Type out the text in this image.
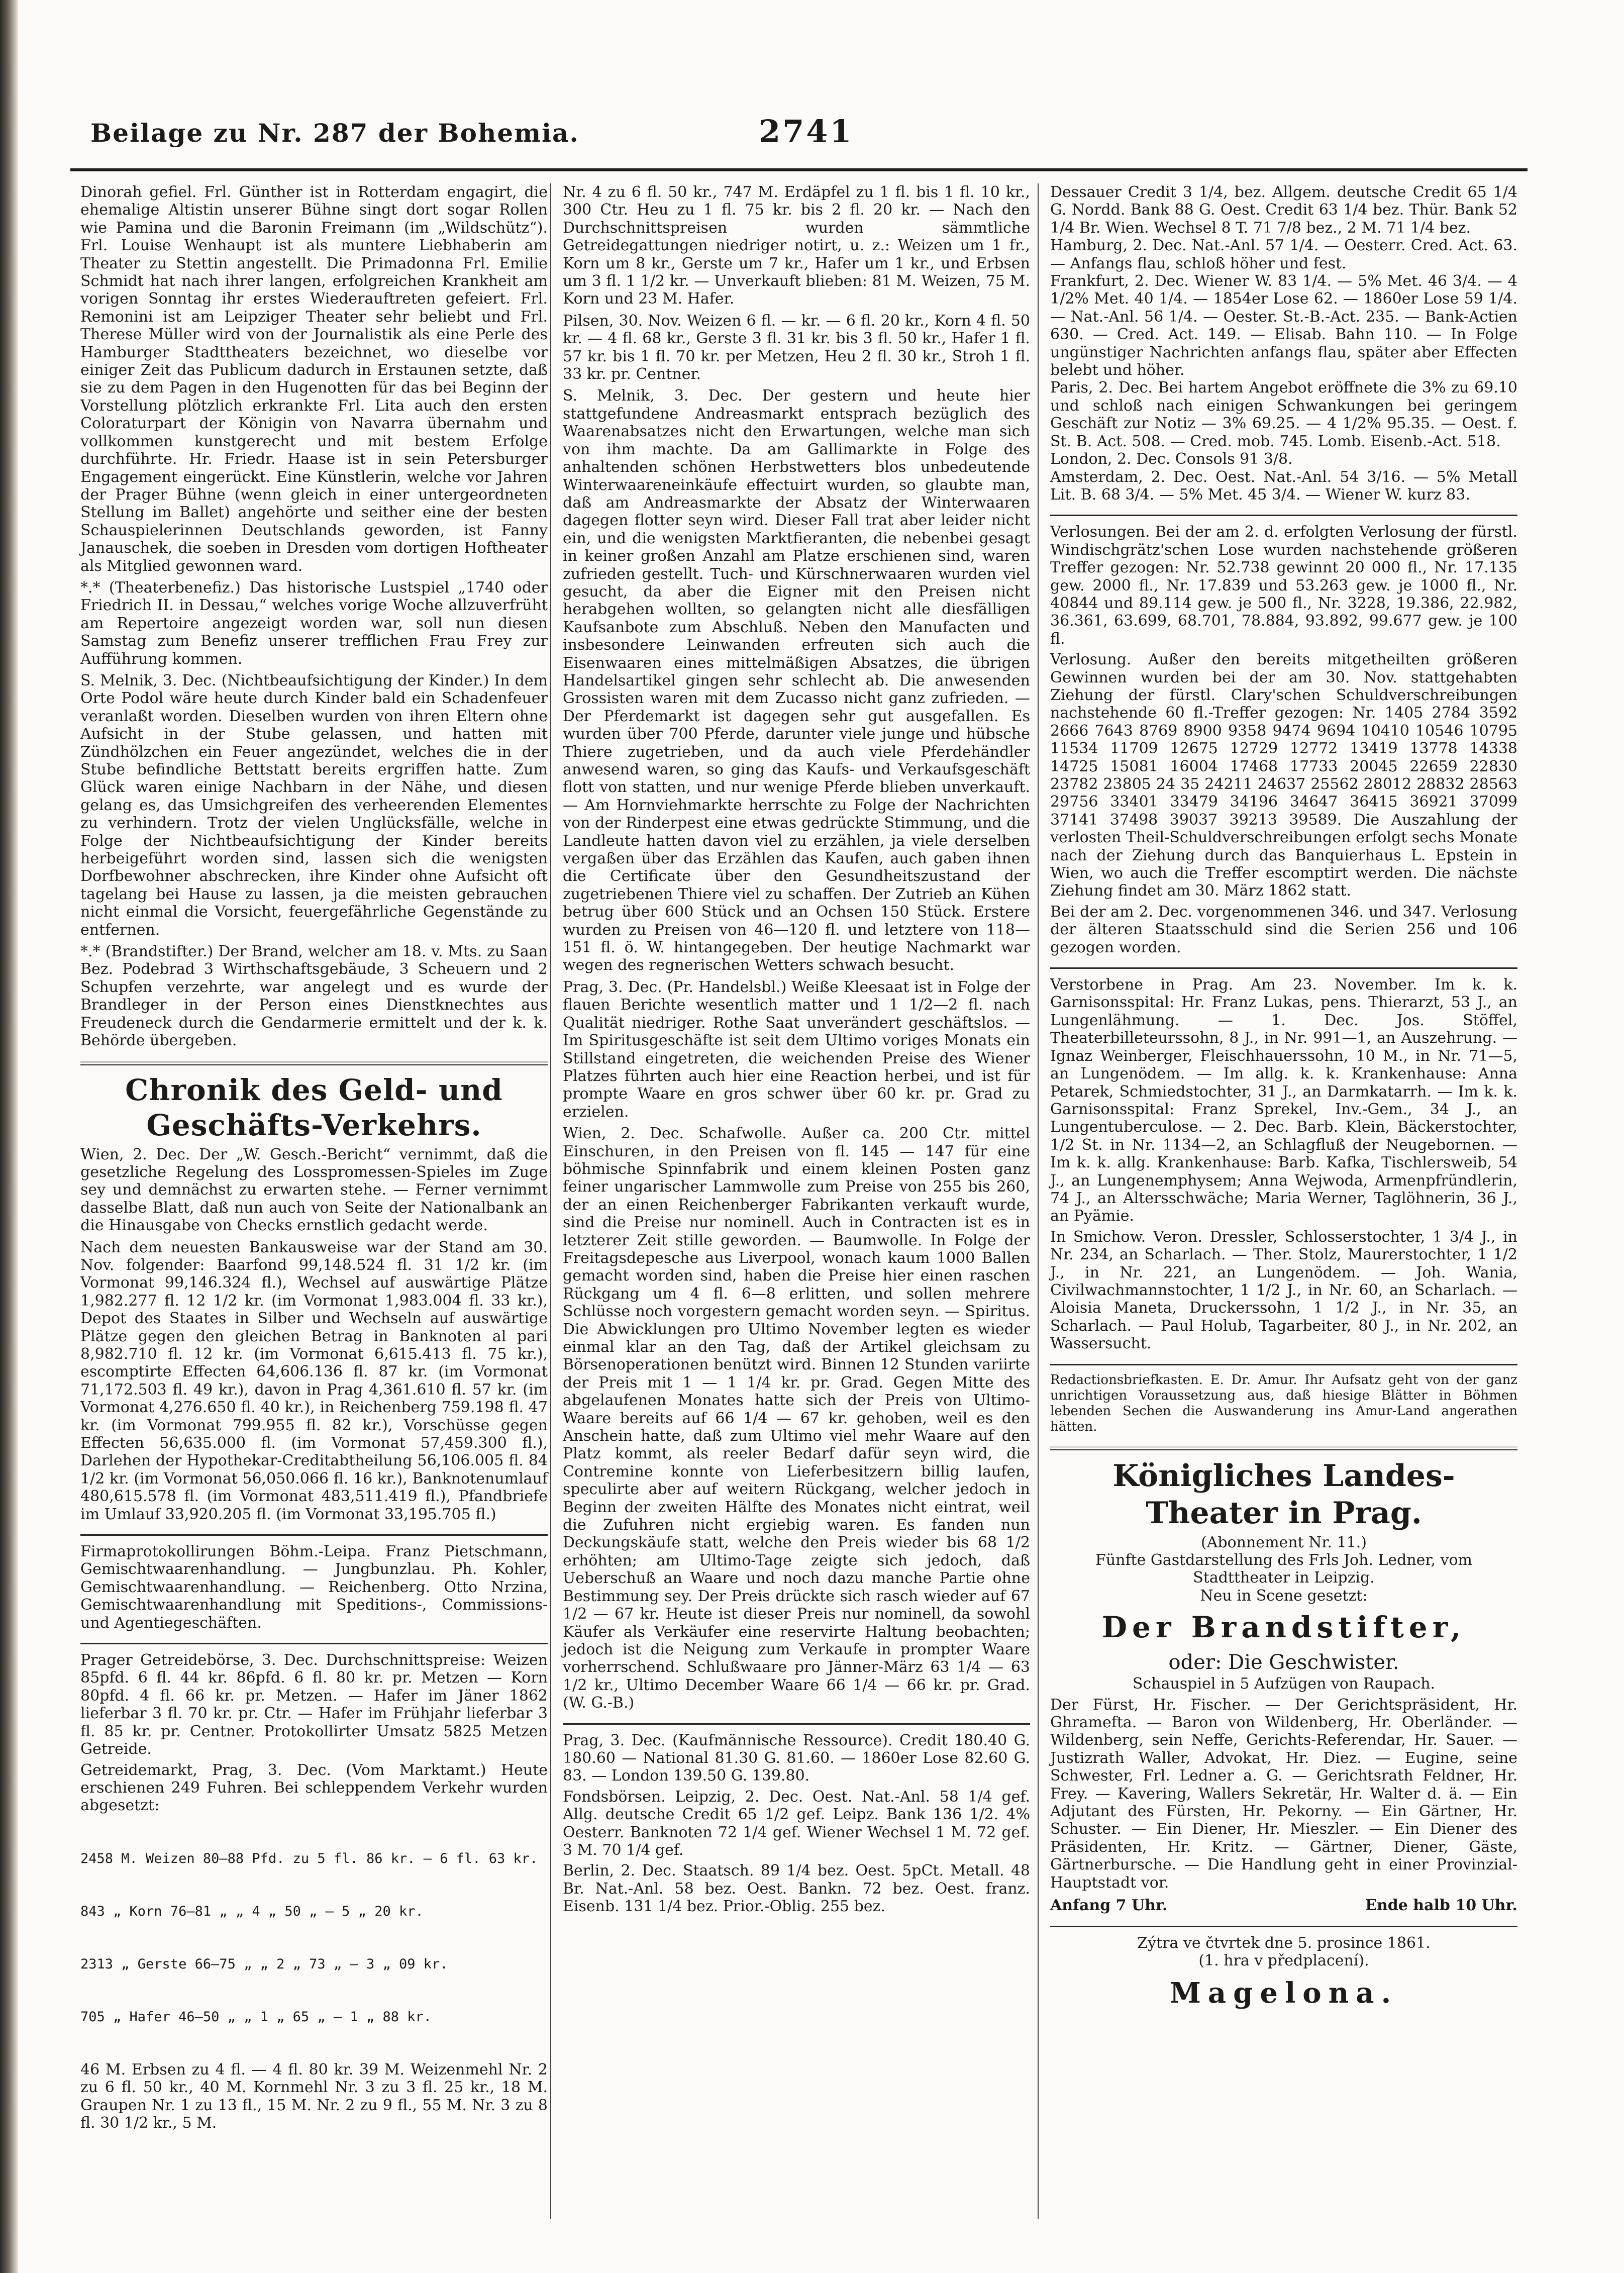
Beilage zu Nr. 287 der Bohemia.	2741

Dinorah gefiel. Frl. Günther ist in Rotterdam engagirt, die ehemalige Altistin unserer Bühne singt dort sogar Rollen wie Pamina und die Baronin Freimann (im „Wildschütz“). Frl. Louise Wenhaupt ist als muntere Liebhaberin am Theater zu Stettin angestellt. Die Primadonna Frl. Emilie Schmidt hat nach ihrer langen, erfolgreichen Krankheit am vorigen Sonntag ihr erstes Wiederauftreten gefeiert. Frl. Remonini ist am Leipziger Theater sehr beliebt und Frl. Therese Müller wird von der Journalistik als eine Perle des Hamburger Stadttheaters bezeichnet, wo dieselbe vor einiger Zeit das Publicum dadurch in Erstaunen setzte, daß sie zu dem Pagen in den Hugenotten für das bei Beginn der Vorstellung plötzlich erkrankte Frl. Lita auch den ersten Coloraturpart der Königin von Navarra übernahm und vollkommen kunstgerecht und mit bestem Erfolge durchführte. Hr. Friedr. Haase ist in sein Petersburger Engagement eingerückt. Eine Künstlerin, welche vor Jahren der Prager Bühne (wenn gleich in einer untergeordneten Stellung im Ballet) angehörte und seither eine der besten Schauspielerinnen Deutschlands geworden, ist Fanny Janauschek, die soeben in Dresden vom dortigen Hoftheater als Mitglied gewonnen ward.

*.* (Theaterbenefiz.) Das historische Lustspiel „1740 oder Friedrich II. in Dessau,“ welches vorige Woche allzuverfrüht am Repertoire angezeigt worden war, soll nun diesen Samstag zum Benefiz unserer trefflichen Frau Frey zur Aufführung kommen.

S. Melnik, 3. Dec. (Nichtbeaufsichtigung der Kinder.) In dem Orte Podol wäre heute durch Kinder bald ein Schadenfeuer veranlaßt worden. Dieselben wurden von ihren Eltern ohne Aufsicht in der Stube gelassen, und hatten mit Zündhölzchen ein Feuer angezündet, welches die in der Stube befindliche Bettstatt bereits ergriffen hatte. Zum Glück waren einige Nachbarn in der Nähe, und diesen gelang es, das Umsichgreifen des verheerenden Elementes zu verhindern. Trotz der vielen Unglücksfälle, welche in Folge der Nichtbeaufsichtigung der Kinder bereits herbeigeführt worden sind, lassen sich die wenigsten Dorfbewohner abschrecken, ihre Kinder ohne Aufsicht oft tagelang bei Hause zu lassen, ja die meisten gebrauchen nicht einmal die Vorsicht, feuergefährliche Gegenstände zu entfernen.

*.* (Brandstifter.) Der Brand, welcher am 18. v. Mts. zu Saan Bez. Podebrad 3 Wirthschaftsgebäude, 3 Scheuern und 2 Schupfen verzehrte, war angelegt und es wurde der Brandleger in der Person eines Dienstknechtes aus Freudeneck durch die Gendarmerie ermittelt und der k. k. Behörde übergeben.

Chronik des Geld- und Geschäfts-Verkehrs.

Wien, 2. Dec. Der „W. Gesch.-Bericht“ vernimmt, daß die gesetzliche Regelung des Losspromessen-Spieles im Zuge sey und demnächst zu erwarten stehe. — Ferner vernimmt dasselbe Blatt, daß nun auch von Seite der Nationalbank an die Hinausgabe von Checks ernstlich gedacht werde.

Nach dem neuesten Bankausweise war der Stand am 30. Nov. folgender: Baarfond 99,148.524 fl. 31 1/2 kr. (im Vormonat 99,146.324 fl.), Wechsel auf auswärtige Plätze 1,982.277 fl. 12 1/2 kr. (im Vormonat 1,983.004 fl. 33 kr.), Depot des Staates in Silber und Wechseln auf auswärtige Plätze gegen den gleichen Betrag in Banknoten al pari 8,982.710 fl. 12 kr. (im Vormonat 6,615.413 fl. 75 kr.), escomptirte Effecten 64,606.136 fl. 87 kr. (im Vormonat 71,172.503 fl. 49 kr.), davon in Prag 4,361.610 fl. 57 kr. (im Vormonat 4,276.650 fl. 40 kr.), in Reichenberg 759.198 fl. 47 kr. (im Vormonat 799.955 fl. 82 kr.), Vorschüsse gegen Effecten 56,635.000 fl. (im Vormonat 57,459.300 fl.), Darlehen der Hypothekar-Creditabtheilung 56,106.005 fl. 84 1/2 kr. (im Vormonat 56,050.066 fl. 16 kr.), Banknotenumlauf 480,615.578 fl. (im Vormonat 483,511.419 fl.), Pfandbriefe im Umlauf 33,920.205 fl. (im Vormonat 33,195.705 fl.)

Firmaprotokollirungen Böhm.-Leipa. Franz Pietschmann, Gemischtwaarenhandlung. — Jungbunzlau. Ph. Kohler, Gemischtwaarenhandlung. — Reichenberg. Otto Nrzina, Gemischtwaarenhandlung mit Speditions-, Commissions- und Agentiegeschäften.

Prager Getreidebörse, 3. Dec. Durchschnittspreise: Weizen 85pfd. 6 fl. 44 kr. 86pfd. 6 fl. 80 kr. pr. Metzen — Korn 80pfd. 4 fl. 66 kr. pr. Metzen. — Hafer im Jäner 1862 lieferbar 3 fl. 70 kr. pr. Ctr. — Hafer im Frühjahr lieferbar 3 fl. 85 kr. pr. Centner. Protokollirter Umsatz 5825 Metzen Getreide.

Getreidemarkt, Prag, 3. Dec. (Vom Marktamt.) Heute erschienen 249 Fuhren. Bei schleppendem Verkehr wurden abgesetzt:

2458 M. Weizen 80—88 Pfd. zu 5 fl. 86 kr. — 6 fl. 63 kr.

843 „ Korn 76—81 „ „ 4 „ 50 „ — 5 „ 20 kr.

2313 „ Gerste 66—75 „ „ 2 „ 73 „ — 3 „ 09 kr.

705 „ Hafer 46—50 „ „ 1 „ 65 „ — 1 „ 88 kr.

46 M. Erbsen zu 4 fl. — 4 fl. 80 kr. 39 M. Weizenmehl Nr. 2 zu 6 fl. 50 kr., 40 M. Kornmehl Nr. 3 zu 3 fl. 25 kr., 18 M. Graupen Nr. 1 zu 13 fl., 15 M. Nr. 2 zu 9 fl., 55 M. Nr. 3 zu 8 fl. 30 1/2 kr., 5 M.

Nr. 4 zu 6 fl. 50 kr., 747 M. Erdäpfel zu 1 fl. bis 1 fl. 10 kr., 300 Ctr. Heu zu 1 fl. 75 kr. bis 2 fl. 20 kr. — Nach den Durchschnittspreisen wurden sämmtliche Getreidegattungen niedriger notirt, u. z.: Weizen um 1 fr., Korn um 8 kr., Gerste um 7 kr., Hafer um 1 kr., und Erbsen um 3 fl. 1 1/2 kr. — Unverkauft blieben: 81 M. Weizen, 75 M. Korn und 23 M. Hafer.

Pilsen, 30. Nov. Weizen 6 fl. — kr. — 6 fl. 20 kr., Korn 4 fl. 50 kr. — 4 fl. 68 kr., Gerste 3 fl. 31 kr. bis 3 fl. 50 kr., Hafer 1 fl. 57 kr. bis 1 fl. 70 kr. per Metzen, Heu 2 fl. 30 kr., Stroh 1 fl. 33 kr. pr. Centner.

S. Melnik, 3. Dec. Der gestern und heute hier stattgefundene Andreasmarkt entsprach bezüglich des Waarenabsatzes nicht den Erwartungen, welche man sich von ihm machte. Da am Gallimarkte in Folge des anhaltenden schönen Herbstwetters blos unbedeutende Winterwaareneinkäufe effectuirt wurden, so glaubte man, daß am Andreasmarkte der Absatz der Winterwaaren dagegen flotter seyn wird. Dieser Fall trat aber leider nicht ein, und die wenigsten Marktfieranten, die nebenbei gesagt in keiner großen Anzahl am Platze erschienen sind, waren zufrieden gestellt. Tuch- und Kürschnerwaaren wurden viel gesucht, da aber die Eigner mit den Preisen nicht herabgehen wollten, so gelangten nicht alle diesfälligen Kaufsanbote zum Abschluß. Neben den Manufacten und insbesondere Leinwanden erfreuten sich auch die Eisenwaaren eines mittelmäßigen Absatzes, die übrigen Handelsartikel gingen sehr schlecht ab. Die anwesenden Grossisten waren mit dem Zucasso nicht ganz zufrieden. — Der Pferdemarkt ist dagegen sehr gut ausgefallen. Es wurden über 700 Pferde, darunter viele junge und hübsche Thiere zugetrieben, und da auch viele Pferdehändler anwesend waren, so ging das Kaufs- und Verkaufsgeschäft flott von statten, und nur wenige Pferde blieben unverkauft. — Am Hornviehmarkte herrschte zu Folge der Nachrichten von der Rinderpest eine etwas gedrückte Stimmung, und die Landleute hatten davon viel zu erzählen, ja viele derselben vergaßen über das Erzählen das Kaufen, auch gaben ihnen die Certificate über den Gesundheitszustand der zugetriebenen Thiere viel zu schaffen. Der Zutrieb an Kühen betrug über 600 Stück und an Ochsen 150 Stück. Erstere wurden zu Preisen von 46—120 fl. und letztere von 118—151 fl. ö. W. hintangegeben. Der heutige Nachmarkt war wegen des regnerischen Wetters schwach besucht.

Prag, 3. Dec. (Pr. Handelsbl.) Weiße Kleesaat ist in Folge der flauen Berichte wesentlich matter und 1 1/2—2 fl. nach Qualität niedriger. Rothe Saat unverändert geschäftslos. — Im Spiritusgeschäfte ist seit dem Ultimo voriges Monats ein Stillstand eingetreten, die weichenden Preise des Wiener Platzes führten auch hier eine Reaction herbei, und ist für prompte Waare en gros schwer über 60 kr. pr. Grad zu erzielen.

Wien, 2. Dec. Schafwolle. Außer ca. 200 Ctr. mittel Einschuren, in den Preisen von fl. 145 — 147 für eine böhmische Spinnfabrik und einem kleinen Posten ganz feiner ungarischer Lammwolle zum Preise von 255 bis 260, der an einen Reichenberger Fabrikanten verkauft wurde, sind die Preise nur nominell. Auch in Contracten ist es in letzterer Zeit stille geworden. — Baumwolle. In Folge der Freitagsdepesche aus Liverpool, wonach kaum 1000 Ballen gemacht worden sind, haben die Preise hier einen raschen Rückgang um 4 fl. 6—8 erlitten, und sollen mehrere Schlüsse noch vorgestern gemacht worden seyn. — Spiritus. Die Abwicklungen pro Ultimo November legten es wieder einmal klar an den Tag, daß der Artikel gleichsam zu Börsenoperationen benützt wird. Binnen 12 Stunden variirte der Preis mit 1 — 1 1/4 kr. pr. Grad. Gegen Mitte des abgelaufenen Monates hatte sich der Preis von Ultimo-Waare bereits auf 66 1/4 — 67 kr. gehoben, weil es den Anschein hatte, daß zum Ultimo viel mehr Waare auf den Platz kommt, als reeler Bedarf dafür seyn wird, die Contremine konnte von Lieferbesitzern billig laufen, speculirte aber auf weitern Rückgang, welcher jedoch in Beginn der zweiten Hälfte des Monates nicht eintrat, weil die Zufuhren nicht ergiebig waren. Es fanden nun Deckungskäufe statt, welche den Preis wieder bis 68 1/2 erhöhten; am Ultimo-Tage zeigte sich jedoch, daß Ueberschuß an Waare und noch dazu manche Partie ohne Bestimmung sey. Der Preis drückte sich rasch wieder auf 67 1/2 — 67 kr. Heute ist dieser Preis nur nominell, da sowohl Käufer als Verkäufer eine reservirte Haltung beobachten; jedoch ist die Neigung zum Verkaufe in prompter Waare vorherrschend. Schlußwaare pro Jänner-März 63 1/4 — 63 1/2 kr., Ultimo December Waare 66 1/4 — 66 kr. pr. Grad. (W. G.-B.)

Prag, 3. Dec. (Kaufmännische Ressource). Credit 180.40 G. 180.60 — National 81.30 G. 81.60. — 1860er Lose 82.60 G. 83. — London 139.50 G. 139.80.

Fondsbörsen. Leipzig, 2. Dec. Oest. Nat.-Anl. 58 1/4 gef. Allg. deutsche Credit 65 1/2 gef. Leipz. Bank 136 1/2. 4% Oesterr. Banknoten 72 1/4 gef. Wiener Wechsel 1 M. 72 gef. 3 M. 70 1/4 gef.

Berlin, 2. Dec. Staatsch. 89 1/4 bez. Oest. 5pCt. Metall. 48 Br. Nat.-Anl. 58 bez. Oest. Bankn. 72 bez. Oest. franz. Eisenb. 131 1/4 bez. Prior.-Oblig. 255 bez.

Dessauer Credit 3 1/4, bez. Allgem. deutsche Credit 65 1/4 G. Nordd. Bank 88 G. Oest. Credit 63 1/4 bez. Thür. Bank 52 1/4 Br. Wien. Wechsel 8 T. 71 7/8 bez., 2 M. 71 1/4 bez.

Hamburg, 2. Dec. Nat.-Anl. 57 1/4. — Oesterr. Cred. Act. 63. — Anfangs flau, schloß höher und fest.

Frankfurt, 2. Dec. Wiener W. 83 1/4. — 5% Met. 46 3/4. — 4 1/2% Met. 40 1/4. — 1854er Lose 62. — 1860er Lose 59 1/4. — Nat.-Anl. 56 1/4. — Oester. St.-B.-Act. 235. — Bank-Actien 630. — Cred. Act. 149. — Elisab. Bahn 110. — In Folge ungünstiger Nachrichten anfangs flau, später aber Effecten belebt und höher.

Paris, 2. Dec. Bei hartem Angebot eröffnete die 3% zu 69.10 und schloß nach einigen Schwankungen bei geringem Geschäft zur Notiz — 3% 69.25. — 4 1/2% 95.35. — Oest. f. St. B. Act. 508. — Cred. mob. 745. Lomb. Eisenb.-Act. 518.

London, 2. Dec. Consols 91 3/8.

Amsterdam, 2. Dec. Oest. Nat.-Anl. 54 3/16. — 5% Metall Lit. B. 68 3/4. — 5% Met. 45 3/4. — Wiener W. kurz 83.

Verlosungen. Bei der am 2. d. erfolgten Verlosung der fürstl. Windischgrätz'schen Lose wurden nachstehende größeren Treffer gezogen: Nr. 52.738 gewinnt 20 000 fl., Nr. 17.135 gew. 2000 fl., Nr. 17.839 und 53.263 gew. je 1000 fl., Nr. 40844 und 89.114 gew. je 500 fl., Nr. 3228, 19.386, 22.982, 36.361, 63.699, 68.701, 78.884, 93.892, 99.677 gew. je 100 fl.

Verlosung. Außer den bereits mitgetheilten größeren Gewinnen wurden bei der am 30. Nov. stattgehabten Ziehung der fürstl. Clary'schen Schuldverschreibungen nachstehende 60 fl.-Treffer gezogen: Nr. 1405 2784 3592 2666 7643 8769 8900 9358 9474 9694 10410 10546 10795 11534 11709 12675 12729 12772 13419 13778 14338 14725 15081 16004 17468 17733 20045 22659 22830 23782 23805 24 35 24211 24637 25562 28012 28832 28563 29756 33401 33479 34196 34647 36415 36921 37099 37141 37498 39037 39213 39589. Die Auszahlung der verlosten Theil-Schuldverschreibungen erfolgt sechs Monate nach der Ziehung durch das Banquierhaus L. Epstein in Wien, wo auch die Treffer escomptirt werden. Die nächste Ziehung findet am 30. März 1862 statt.

Bei der am 2. Dec. vorgenommenen 346. und 347. Verlosung der älteren Staatsschuld sind die Serien 256 und 106 gezogen worden.

Verstorbene in Prag. Am 23. November. Im k. k. Garnisonsspital: Hr. Franz Lukas, pens. Thierarzt, 53 J., an Lungenlähmung. — 1. Dec. Jos. Stöffel, Theaterbilleteurssohn, 8 J., in Nr. 991—1, an Auszehrung. — Ignaz Weinberger, Fleischhauerssohn, 10 M., in Nr. 71—5, an Lungenödem. — Im allg. k. k. Krankenhause: Anna Petarek, Schmiedstochter, 31 J., an Darmkatarrh. — Im k. k. Garnisonsspital: Franz Sprekel, Inv.-Gem., 34 J., an Lungentuberculose. — 2. Dec. Barb. Klein, Bäckerstochter, 1/2 St. in Nr. 1134—2, an Schlagfluß der Neugebornen. — Im k. k. allg. Krankenhause: Barb. Kafka, Tischlersweib, 54 J., an Lungenemphysem; Anna Wejwoda, Armenpfründlerin, 74 J., an Altersschwäche; Maria Werner, Taglöhnerin, 36 J., an Pyämie.

In Smichow. Veron. Dressler, Schlosserstochter, 1 3/4 J., in Nr. 234, an Scharlach. — Ther. Stolz, Maurerstochter, 1 1/2 J., in Nr. 221, an Lungenödem. — Joh. Wania, Civilwachmannstochter, 1 1/2 J., in Nr. 60, an Scharlach. — Aloisia Maneta, Druckerssohn, 1 1/2 J., in Nr. 35, an Scharlach. — Paul Holub, Tagarbeiter, 80 J., in Nr. 202, an Wassersucht.

Redactionsbriefkasten. E. Dr. Amur. Ihr Aufsatz geht von der ganz unrichtigen Voraussetzung aus, daß hiesige Blätter in Böhmen lebenden Sechen die Auswanderung ins Amur-Land angerathen hätten.

Königliches Landes-Theater in Prag.
(Abonnement Nr. 11.)
Fünfte Gastdarstellung des Frls Joh. Ledner, vom Stadttheater in Leipzig.
Neu in Scene gesetzt:
Der Brandstifter,
oder: Die Geschwister.
Schauspiel in 5 Aufzügen von Raupach.

Der Fürst, Hr. Fischer. — Der Gerichtspräsident, Hr. Ghramefta. — Baron von Wildenberg, Hr. Oberländer. — Wildenberg, sein Neffe, Gerichts-Referendar, Hr. Sauer. — Justizrath Waller, Advokat, Hr. Diez. — Eugine, seine Schwester, Frl. Ledner a. G. — Gerichtsrath Feldner, Hr. Frey. — Kavering, Wallers Sekretär, Hr. Walter d. ä. — Ein Adjutant des Fürsten, Hr. Pekorny. — Ein Gärtner, Hr. Schuster. — Ein Diener, Hr. Mieszler. — Ein Diener des Präsidenten, Hr. Kritz. — Gärtner, Diener, Gäste, Gärtnerbursche. — Die Handlung geht in einer Provinzial-Hauptstadt vor.

Anfang 7 Uhr.	Ende halb 10 Uhr.
Zýtra ve čtvrtek dne 5. prosince 1861.
(1. hra v předplacení).
Magelona.
